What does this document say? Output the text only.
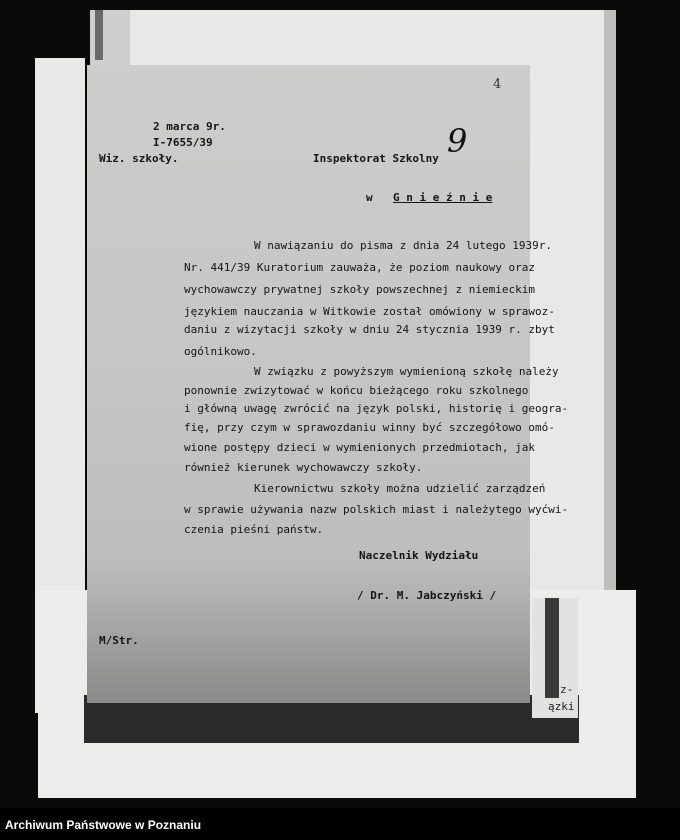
z-
ązki
4
2 marca 9r.
I-7655/39
Wiz. szkoły.	Inspektorat Szkolny 9
w G n i e ź n i e
W nawiązaniu do pisma z dnia 24 lutego 1939r.
Nr. 441/39 Kuratorium zauważa, że poziom naukowy oraz
wychowawczy prywatnej szkoły powszechnej z niemieckim
językiem nauczania w Witkowie został omówiony w sprawoz-
daniu z wizytacji szkoły w dniu 24 stycznia 1939 r. zbyt
ogólnikowo.
W związku z powyższym wymienioną szkołę należy
ponownie zwizytować w końcu bieżącego roku szkolnego
i główną uwagę zwrócić na język polski, historię i geogra-
fię, przy czym w sprawozdaniu winny być szczegółowo omó-
wione postępy dzieci w wymienionych przedmiotach, jak
również kierunek wychowawczy szkoły.
Kierownictwu szkoły można udzielić zarządzeń
w sprawie używania nazw polskich miast i należytego wyćwi-
czenia pieśni państw.
Naczelnik Wydziału
/ Dr. M. Jabczyński /
M/Str.
Archiwum Państwowe w Poznaniu
